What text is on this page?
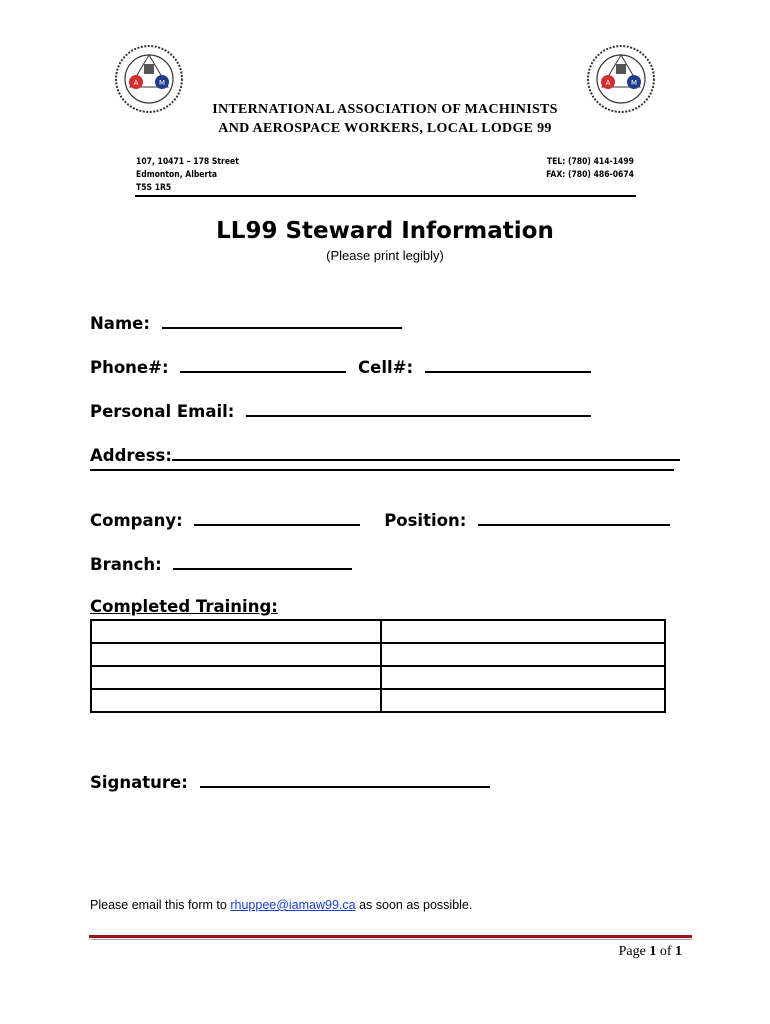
A	M	A	M
INTERNATIONAL ASSOCIATION OF MACHINISTS
AND AEROSPACE WORKERS, LOCAL LODGE 99
107, 10471 – 178 Street
Edmonton, Alberta
T5S 1R5
TEL: (780) 414-1499
FAX: (780) 486-0674
LL99 Steward Information
(Please print legibly)
Name:
Phone#:	Cell#:
Personal Email:
Address:
Company:	Position:
Branch:
Completed Training:

Signature:
Please email this form to rhuppee@iamaw99.ca as soon as possible.
Page 1 of 1
